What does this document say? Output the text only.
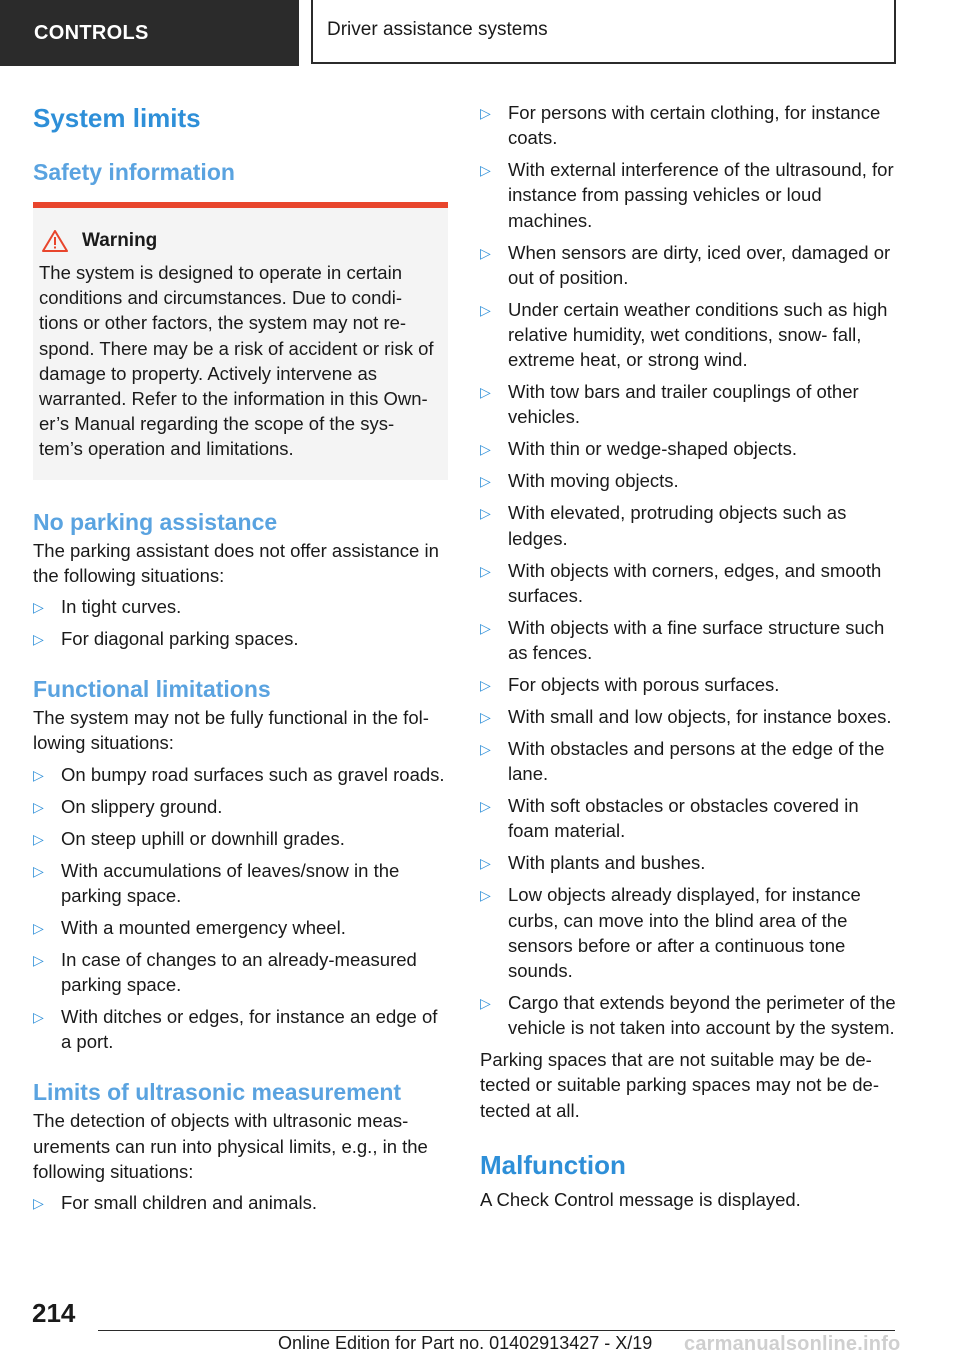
CONTROLS	Driver assistance systems
System limits
Safety information
Warning

The system is designed to operate in certain conditions and circumstances. Due to condi‐ tions or other factors, the system may not re‐ spond. There may be a risk of accident or risk of damage to property. Actively intervene as warranted. Refer to the information in this Own‐ er’s Manual regarding the scope of the sys‐ tem’s operation and limitations.

No parking assistance

The parking assistant does not offer assistance in the following situations:

▷ In tight curves.
▷ For diagonal parking spaces.
Functional limitations

The system may not be fully functional in the fol‐ lowing situations:

▷ On bumpy road surfaces such as gravel roads.
▷ On slippery ground.
▷ On steep uphill or downhill grades.
▷ With accumulations of leaves/snow in the parking space.
▷ With a mounted emergency wheel.
▷ In case of changes to an already-measured parking space.
▷ With ditches or edges, for instance an edge of a port.
Limits of ultrasonic measurement

The detection of objects with ultrasonic meas‐ urements can run into physical limits, e.g., in the following situations:

▷ For small children and animals.
▷ For persons with certain clothing, for instance coats.
▷ With external interference of the ultrasound, for instance from passing vehicles or loud machines.
▷ When sensors are dirty, iced over, damaged or out of position.
▷ Under certain weather conditions such as high relative humidity, wet conditions, snow‐ fall, extreme heat, or strong wind.
▷ With tow bars and trailer couplings of other vehicles.
▷ With thin or wedge-shaped objects.
▷ With moving objects.
▷ With elevated, protruding objects such as ledges.
▷ With objects with corners, edges, and smooth surfaces.
▷ With objects with a fine surface structure such as fences.
▷ For objects with porous surfaces.
▷ With small and low objects, for instance boxes.
▷ With obstacles and persons at the edge of the lane.
▷ With soft obstacles or obstacles covered in foam material.
▷ With plants and bushes.
▷ Low objects already displayed, for instance curbs, can move into the blind area of the sensors before or after a continuous tone sounds.
▷ Cargo that extends beyond the perimeter of the vehicle is not taken into account by the system.

Parking spaces that are not suitable may be de‐ tected or suitable parking spaces may not be de‐ tected at all.

Malfunction

A Check Control message is displayed.

214
Online Edition for Part no. 01402913427 - X/19 carmanualsonline.info
